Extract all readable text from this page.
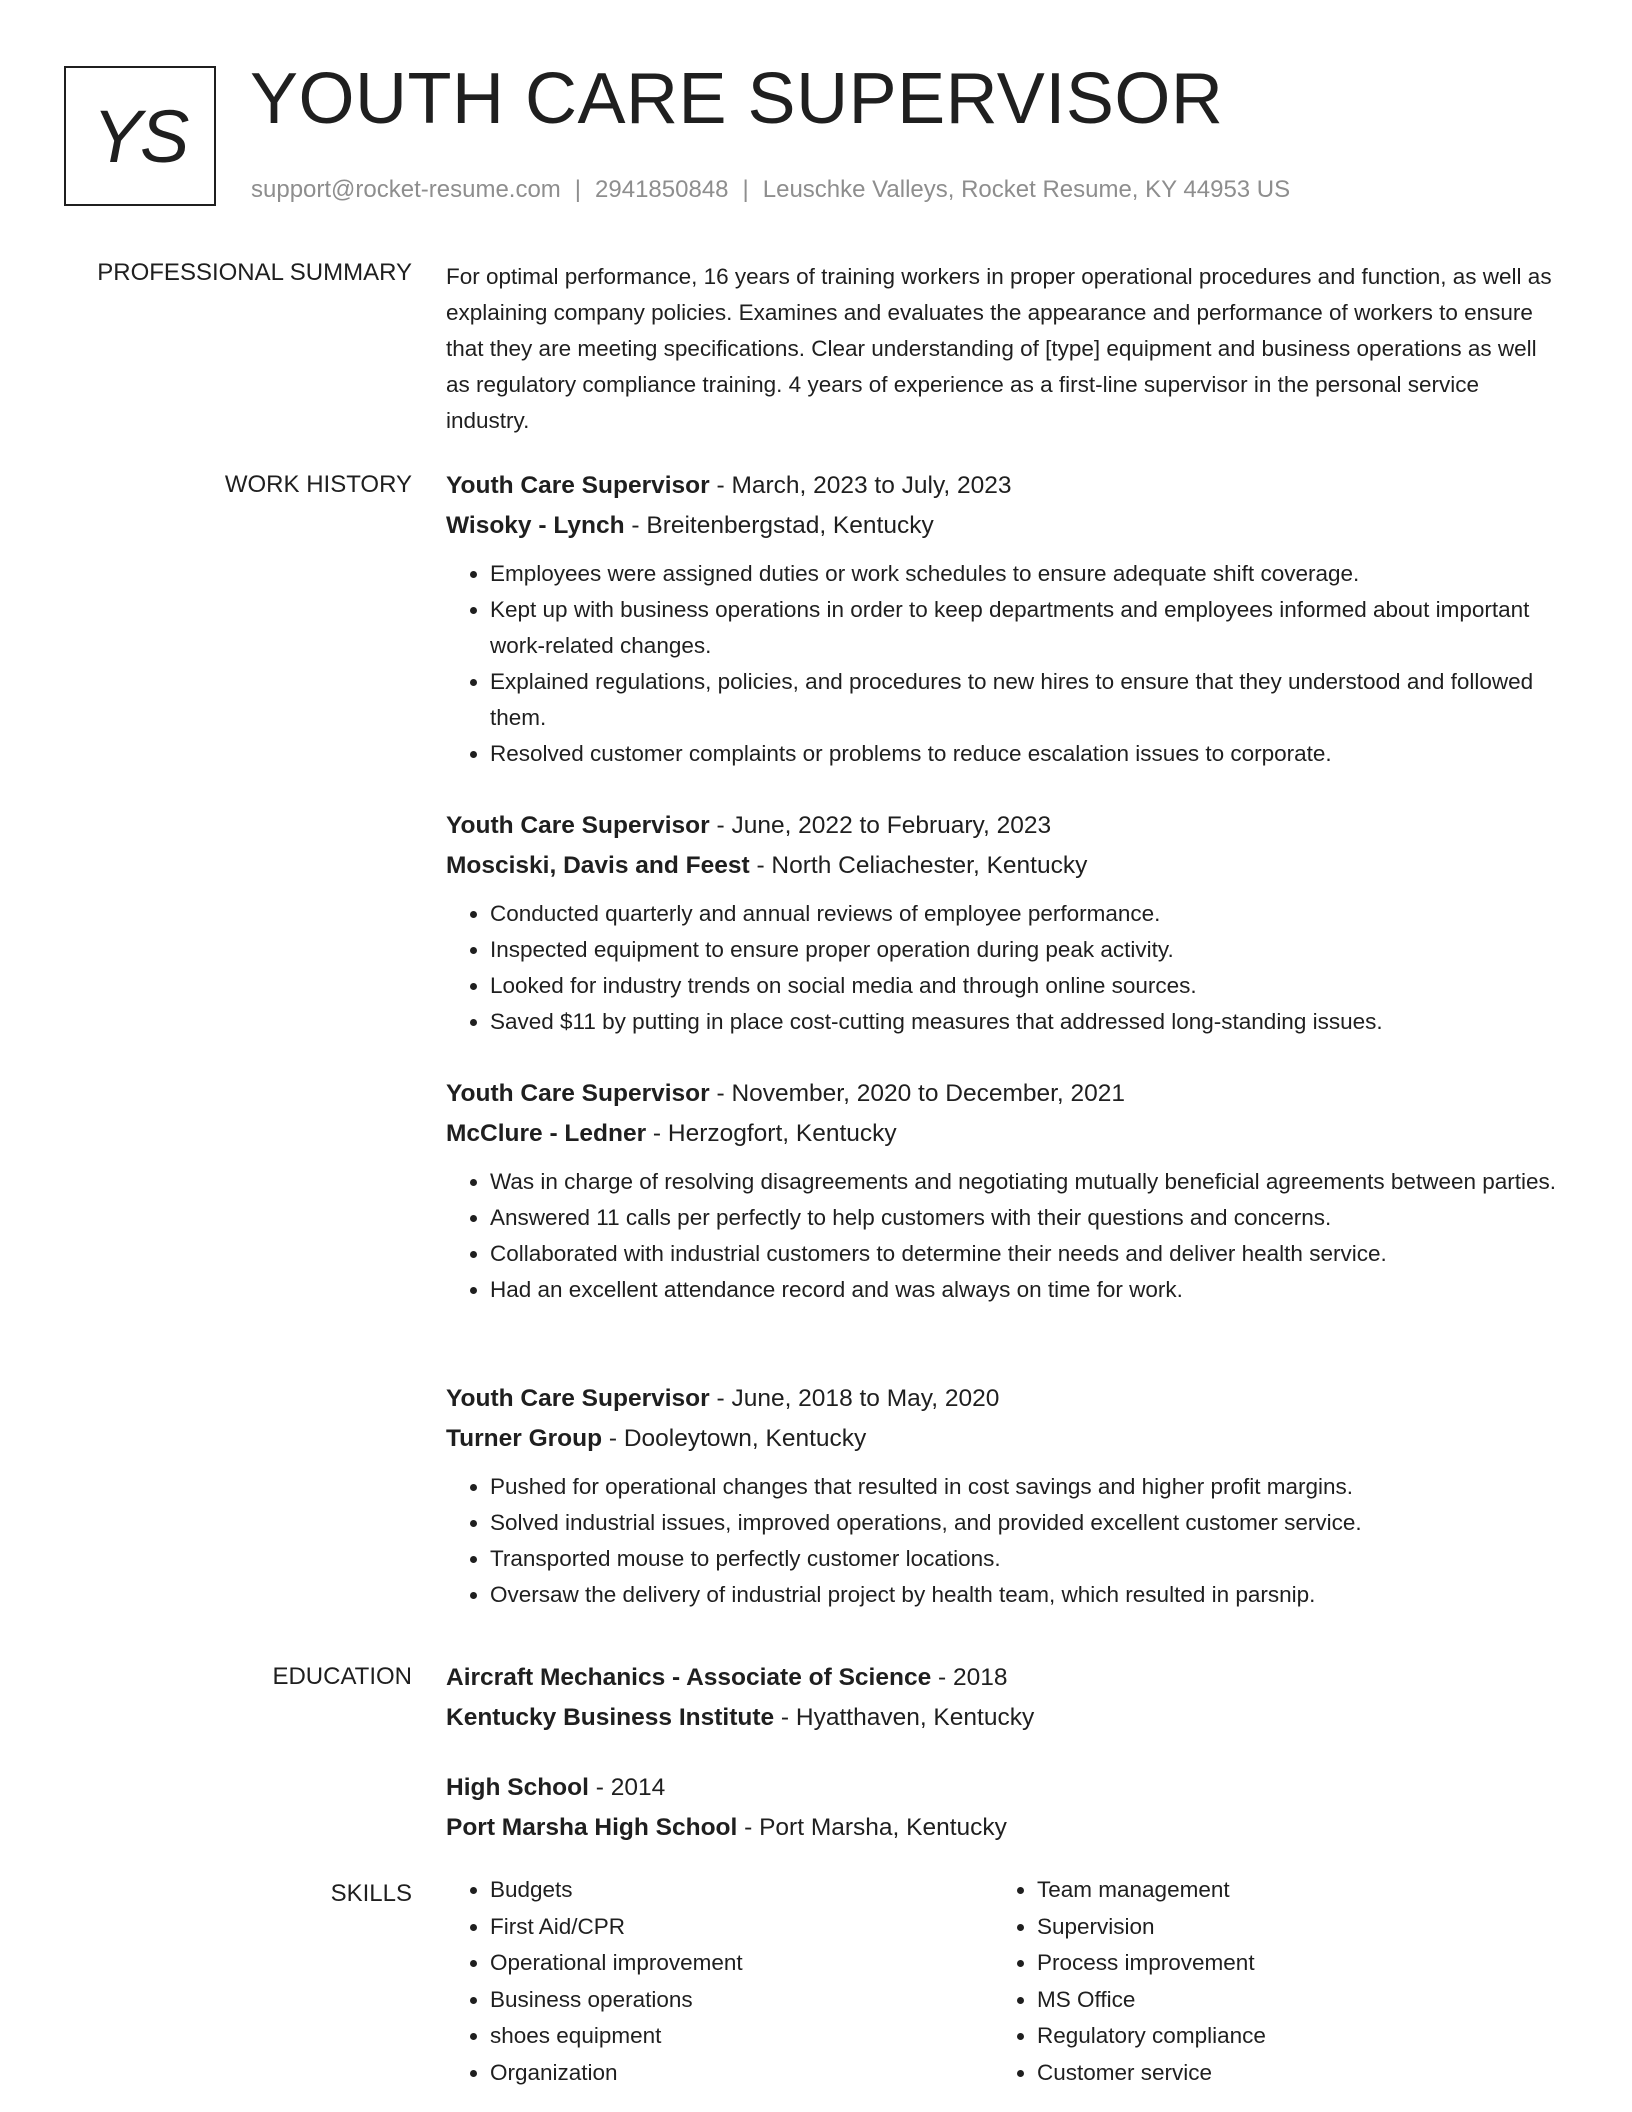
YS YOUTH CARE SUPERVISOR
support@rocket-resume.com | 2941850848 | Leuschke Valleys, Rocket Resume, KY 44953 US
PROFESSIONAL SUMMARY For optimal performance, 16 years of training workers in proper operational procedures and function, as well as explaining company policies. Examines and evaluates the appearance and performance of workers to ensure that they are meeting specifications. Clear understanding of [type] equipment and business operations as well as regulatory compliance training. 4 years of experience as a first-line supervisor in the personal service industry.
WORK HISTORY Youth Care Supervisor - March, 2023 to July, 2023
Wisoky - Lynch - Breitenbergstad, Kentucky
• Employees were assigned duties or work schedules to ensure adequate shift coverage.
• Kept up with business operations in order to keep departments and employees informed about important work-related changes.
• Explained regulations, policies, and procedures to new hires to ensure that they understood and followed them.
• Resolved customer complaints or problems to reduce escalation issues to corporate.
Youth Care Supervisor - June, 2022 to February, 2023
Mosciski, Davis and Feest - North Celiachester, Kentucky
• Conducted quarterly and annual reviews of employee performance.
• Inspected equipment to ensure proper operation during peak activity.
• Looked for industry trends on social media and through online sources.
• Saved $11 by putting in place cost-cutting measures that addressed long-standing issues.
Youth Care Supervisor - November, 2020 to December, 2021
McClure - Ledner - Herzogfort, Kentucky
• Was in charge of resolving disagreements and negotiating mutually beneficial agreements between parties.
• Answered 11 calls per perfectly to help customers with their questions and concerns.
• Collaborated with industrial customers to determine their needs and deliver health service.
• Had an excellent attendance record and was always on time for work.
Youth Care Supervisor - June, 2018 to May, 2020
Turner Group - Dooleytown, Kentucky
• Pushed for operational changes that resulted in cost savings and higher profit margins.
• Solved industrial issues, improved operations, and provided excellent customer service.
• Transported mouse to perfectly customer locations.
• Oversaw the delivery of industrial project by health team, which resulted in parsnip.
EDUCATION Aircraft Mechanics - Associate of Science - 2018
Kentucky Business Institute - Hyatthaven, Kentucky
High School - 2014
Port Marsha High School - Port Marsha, Kentucky
SKILLS
•	Budgets
• First Aid/CPR
• Operational improvement
• Business operations
• shoes equipment
• Organization
• Team management
• Supervision
• Process improvement
• MS Office
• Regulatory compliance
• Customer service
